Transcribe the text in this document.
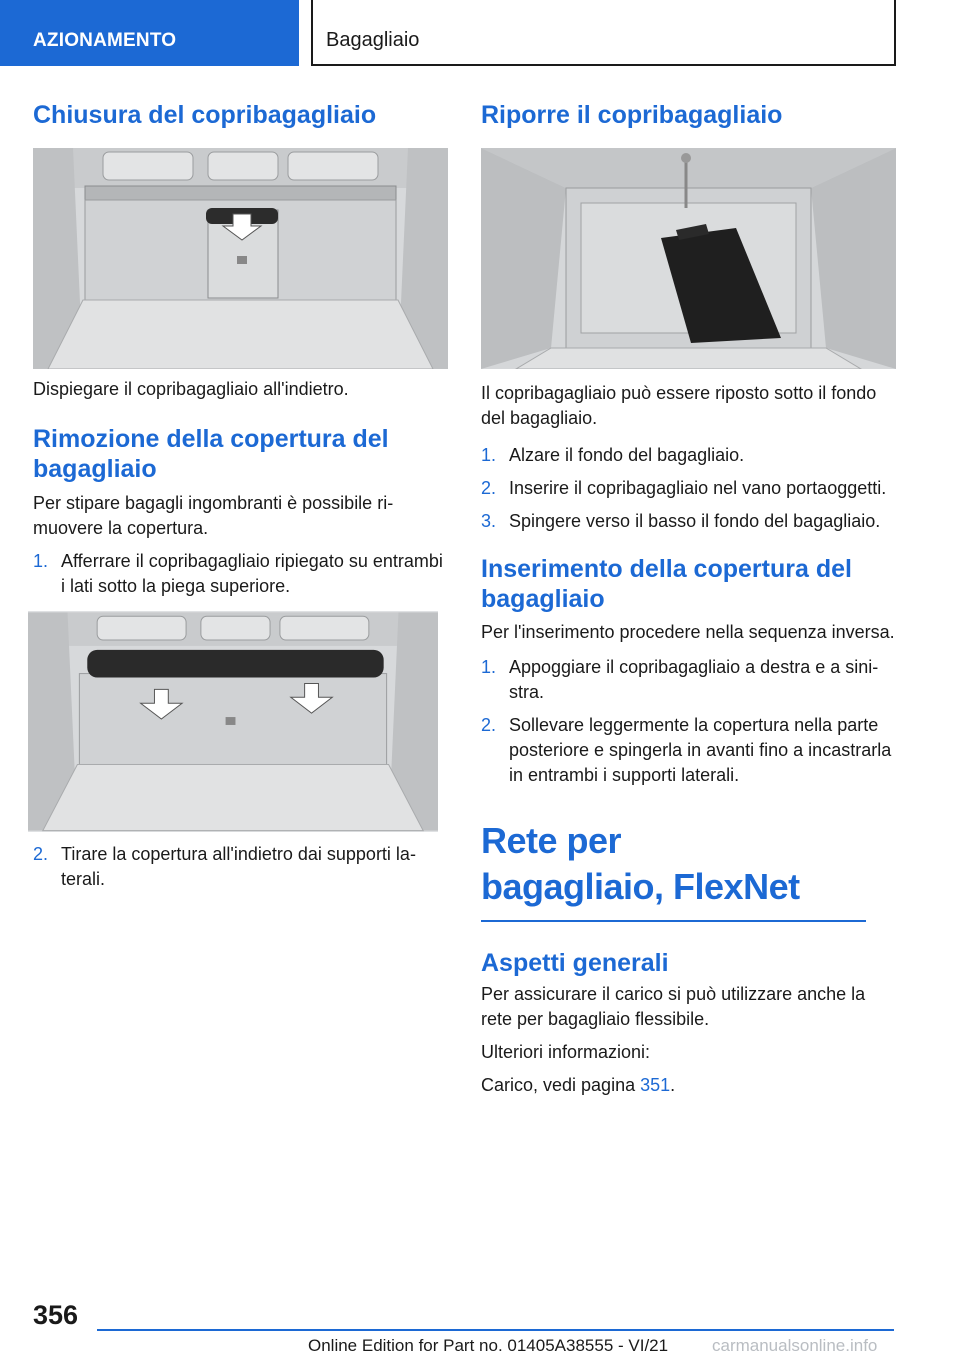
AZIONAMENTO	Bagagliaio
Chiusura del copribagagliaio

Dispiegare il copribagagliaio all'indietro.

Rimozione della copertura del bagagliaio

Per stipare bagagli ingombranti è possibile rimuovere la copertura.

1. Afferrare il copribagagliaio ripiegato su entrambi i lati sotto la piega superiore.
2. Tirare la copertura all'indietro dai supporti laterali.
Riporre il copribagagliaio

Il copribagagliaio può essere riposto sotto il fondo del bagagliaio.

1. Alzare il fondo del bagagliaio.
2. Inserire il copribagagliaio nel vano portaoggetti.
3. Spingere verso il basso il fondo del bagagliaio.
Inserimento della copertura del bagagliaio

Per l'inserimento procedere nella sequenza inversa.

1. Appoggiare il copribagagliaio a destra e a sinistra.
2. Sollevare leggermente la copertura nella parte posteriore e spingerla in avanti fino a incastrarla in entrambi i supporti laterali.
Rete per bagagliaio, FlexNet
Aspetti generali

Per assicurare il carico si può utilizzare anche la rete per bagagliaio flessibile.

Ulteriori informazioni:

Carico, vedi pagina 351.

356
Online Edition for Part no. 01405A38555 - VI/21	carmanualsonline.info
